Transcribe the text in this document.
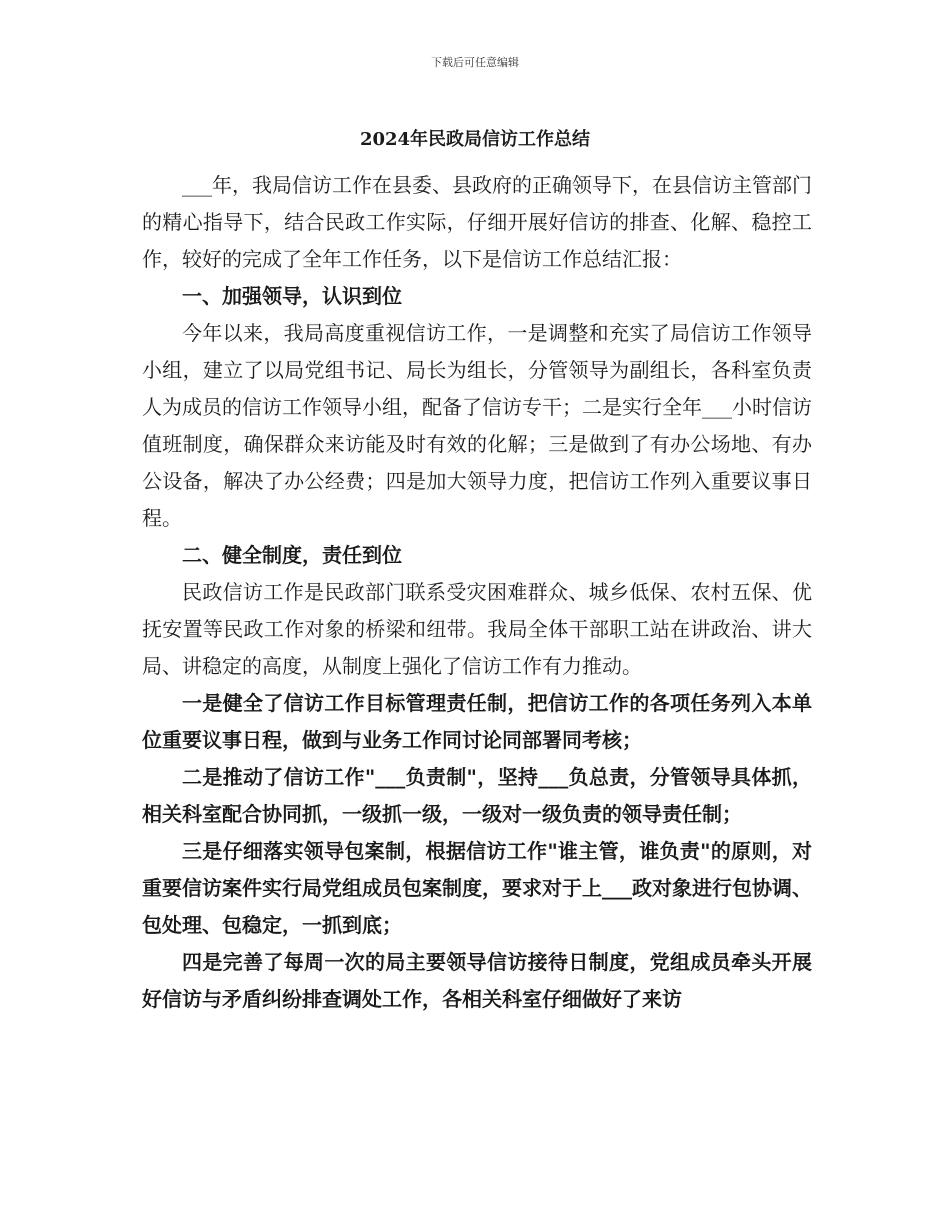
下载后可任意编辑
2024年民政局信访工作总结

___年，我局信访工作在县委、县政府的正确领导下，在县信访主管部门的精心指导下，结合民政工作实际，仔细开展好信访的排查、化解、稳控工作，较好的完成了全年工作任务，以下是信访工作总结汇报：

一、加强领导，认识到位

今年以来，我局高度重视信访工作，一是调整和充实了局信访工作领导小组，建立了以局党组书记、局长为组长，分管领导为副组长，各科室负责人为成员的信访工作领导小组，配备了信访专干；二是实行全年___小时信访值班制度，确保群众来访能及时有效的化解；三是做到了有办公场地、有办公设备，解决了办公经费；四是加大领导力度，把信访工作列入重要议事日程。

二、健全制度，责任到位

民政信访工作是民政部门联系受灾困难群众、城乡低保、农村五保、优抚安置等民政工作对象的桥梁和纽带。我局全体干部职工站在讲政治、讲大局、讲稳定的高度，从制度上强化了信访工作有力推动。

一是健全了信访工作目标管理责任制，把信访工作的各项任务列入本单位重要议事日程，做到与业务工作同讨论同部署同考核；

二是推动了信访工作"___负责制"，坚持___负总责，分管领导具体抓，相关科室配合协同抓，一级抓一级，一级对一级负责的领导责任制；

三是仔细落实领导包案制，根据信访工作"谁主管，谁负责"的原则，对重要信访案件实行局党组成员包案制度，要求对于上___政对象进行包协调、包处理、包稳定，一抓到底；

四是完善了每周一次的局主要领导信访接待日制度，党组成员牵头开展好信访与矛盾纠纷排查调处工作，各相关科室仔细做好了来访
